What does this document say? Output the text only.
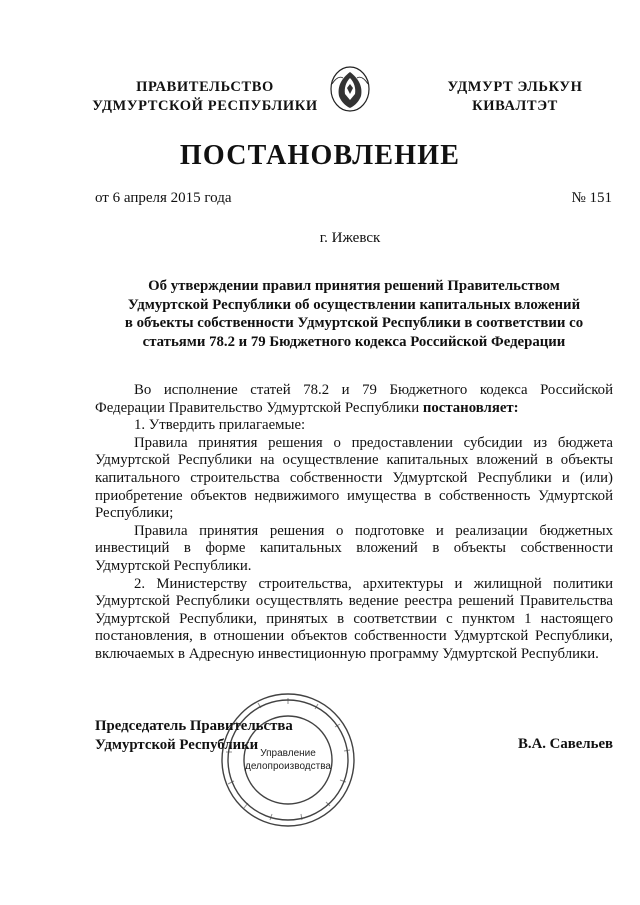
ПРАВИТЕЛЬСТВО
УДМУРТСКОЙ РЕСПУБЛИКИ
УДМУРТ ЭЛЬКУН
КИВАЛТЭТ
ПОСТАНОВЛЕНИЕ
от 6 апреля 2015 года	№ 151
г. Ижевск
Об утверждении правил принятия решений Правительством
Удмуртской Республики об осуществлении капитальных вложений
в объекты собственности Удмуртской Республики в соответствии со
статьями 78.2 и 79 Бюджетного кодекса Российской Федерации

Во исполнение статей 78.2 и 79 Бюджетного кодекса Российской Федерации Правительство Удмуртской Республики постановляет:

1. Утвердить прилагаемые:

Правила принятия решения о предоставлении субсидии из бюджета Удмуртской Республики на осуществление капитальных вложений в объекты капитального строительства собственности Удмуртской Республики и (или) приобретение объектов недвижимого имущества в собственность Удмуртской Республики;

Правила принятия решения о подготовке и реализации бюджетных инвестиций в форме капитальных вложений в объекты собственности Удмуртской Республики.

2. Министерству строительства, архитектуры и жилищной политики Удмуртской Республики осуществлять ведение реестра решений Правительства Удмуртской Республики, принятых в соответствии с пунктом 1 настоящего постановления, в отношении объектов собственности Удмуртской Республики, включаемых в Адресную инвестиционную программу Удмуртской Республики.

Председатель Правительства
Удмуртской Республики	В.А. Савельев
Управление
делопроизводства
